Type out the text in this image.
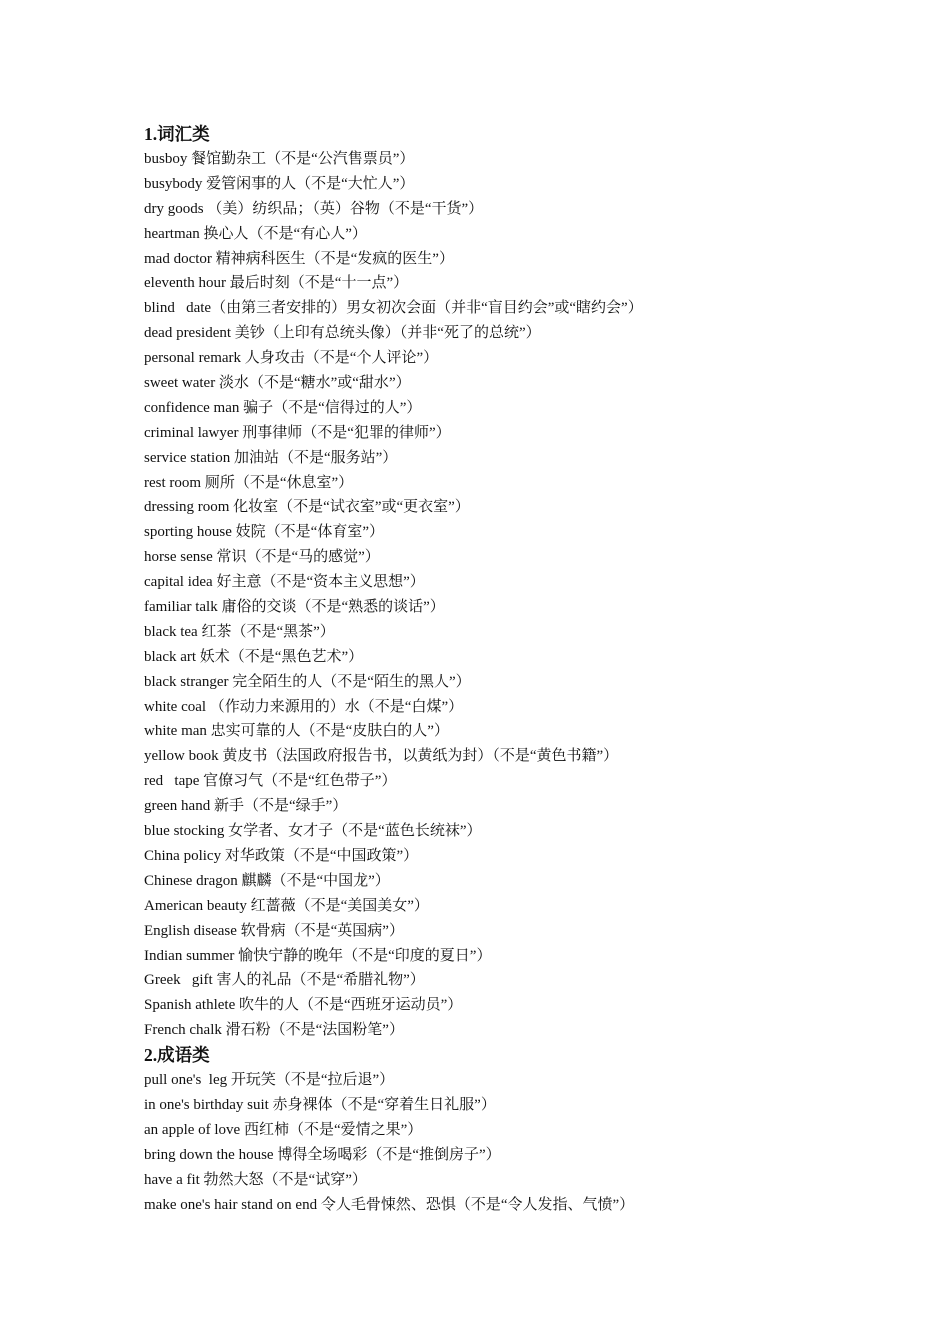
1.词汇类
busboy 餐馆勤杂工（不是“公汽售票员”）
busybody 爱管闲事的人（不是“大忙人”）
dry goods （美）纺织品；（英）谷物（不是“干货”）
heartman 换心人（不是“有心人”）
mad doctor 精神病科医生（不是“发疯的医生”）
eleventh hour 最后时刻（不是“十一点”）
blind   date（由第三者安排的）男女初次会面（并非“盲目约会”或“瞎约会”）
dead president 美钞（上印有总统头像）（并非“死了的总统”）
personal remark 人身攻击（不是“个人评论”）
sweet water 淡水（不是“糖水”或“甜水”）
confidence man 骗子（不是“信得过的人”）
criminal lawyer 刑事律师（不是“犯罪的律师”）
service station 加油站（不是“服务站”）
rest room 厕所（不是“休息室”）
dressing room 化妆室（不是“试衣室”或“更衣室”）
sporting house 妓院（不是“体育室”）
horse sense 常识（不是“马的感觉”）
capital idea 好主意（不是“资本主义思想”）
familiar talk 庸俗的交谈（不是“熟悉的谈话”）
black tea 红茶（不是“黑茶”）
black art 妖术（不是“黑色艺术”）
black stranger 完全陌生的人（不是“陌生的黑人”）
white coal （作动力来源用的）水（不是“白煤”）
white man 忠实可靠的人（不是“皮肤白的人”）
yellow book 黄皮书（法国政府报告书，以黄纸为封）（不是“黄色书籍”）
red   tape 官僚习气（不是“红色带子”）
green hand 新手（不是“绿手”）
blue stocking 女学者、女才子（不是“蓝色长统袜”）
China policy 对华政策（不是“中国政策”）
Chinese dragon 麒麟（不是“中国龙”）
American beauty 红蔷薇（不是“美国美女”）
English disease 软骨病（不是“英国病”）
Indian summer 愉快宁静的晚年（不是“印度的夏日”）
Greek   gift 害人的礼品（不是“希腊礼物”）
Spanish athlete 吹牛的人（不是“西班牙运动员”）
French chalk 滑石粉（不是“法国粉笔”）
2.成语类
pull one's  leg 开玩笑（不是“拉后退”）
in one's birthday suit 赤身裸体（不是“穿着生日礼服”）
an apple of love 西红柿（不是“爱情之果”）
bring down the house 博得全场喝彩（不是“推倒房子”）
have a fit 勃然大怒（不是“试穿”）
make one's hair stand on end 令人毛骨悚然、恐惧（不是“令人发指、气愤”）
